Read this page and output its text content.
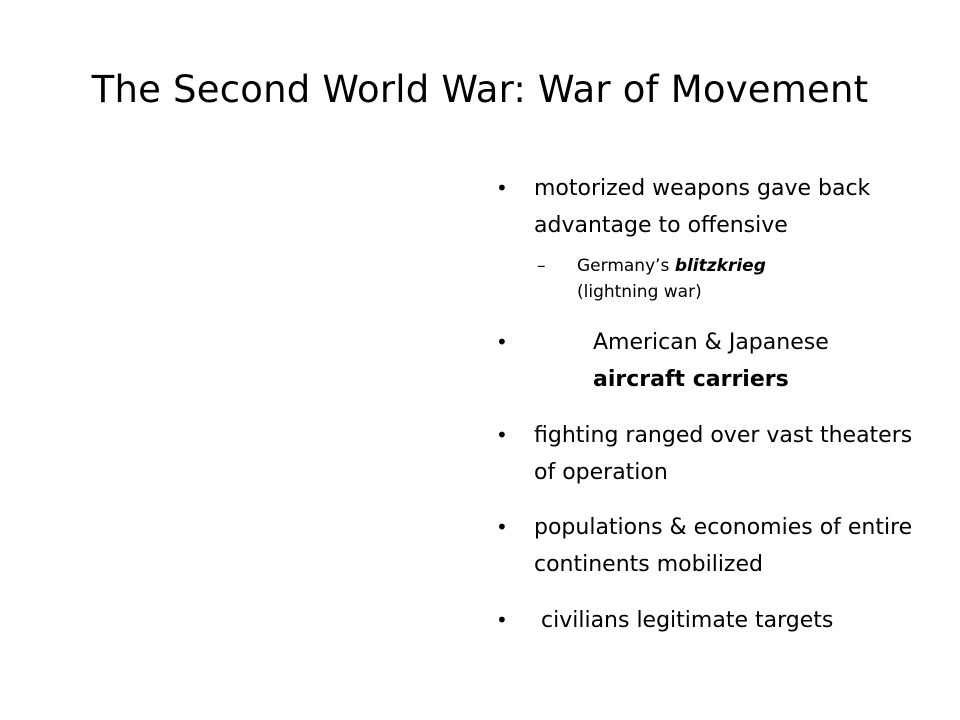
The Second World War: War of Movement
• motorized weapons gave back advantage to offensive
– Germany’s blitzkrieg
(lightning war)
•	American & Japanese
aircraft carriers
• fighting ranged over vast theaters of operation
• populations & economies of entire continents mobilized
• civilians legitimate targets
